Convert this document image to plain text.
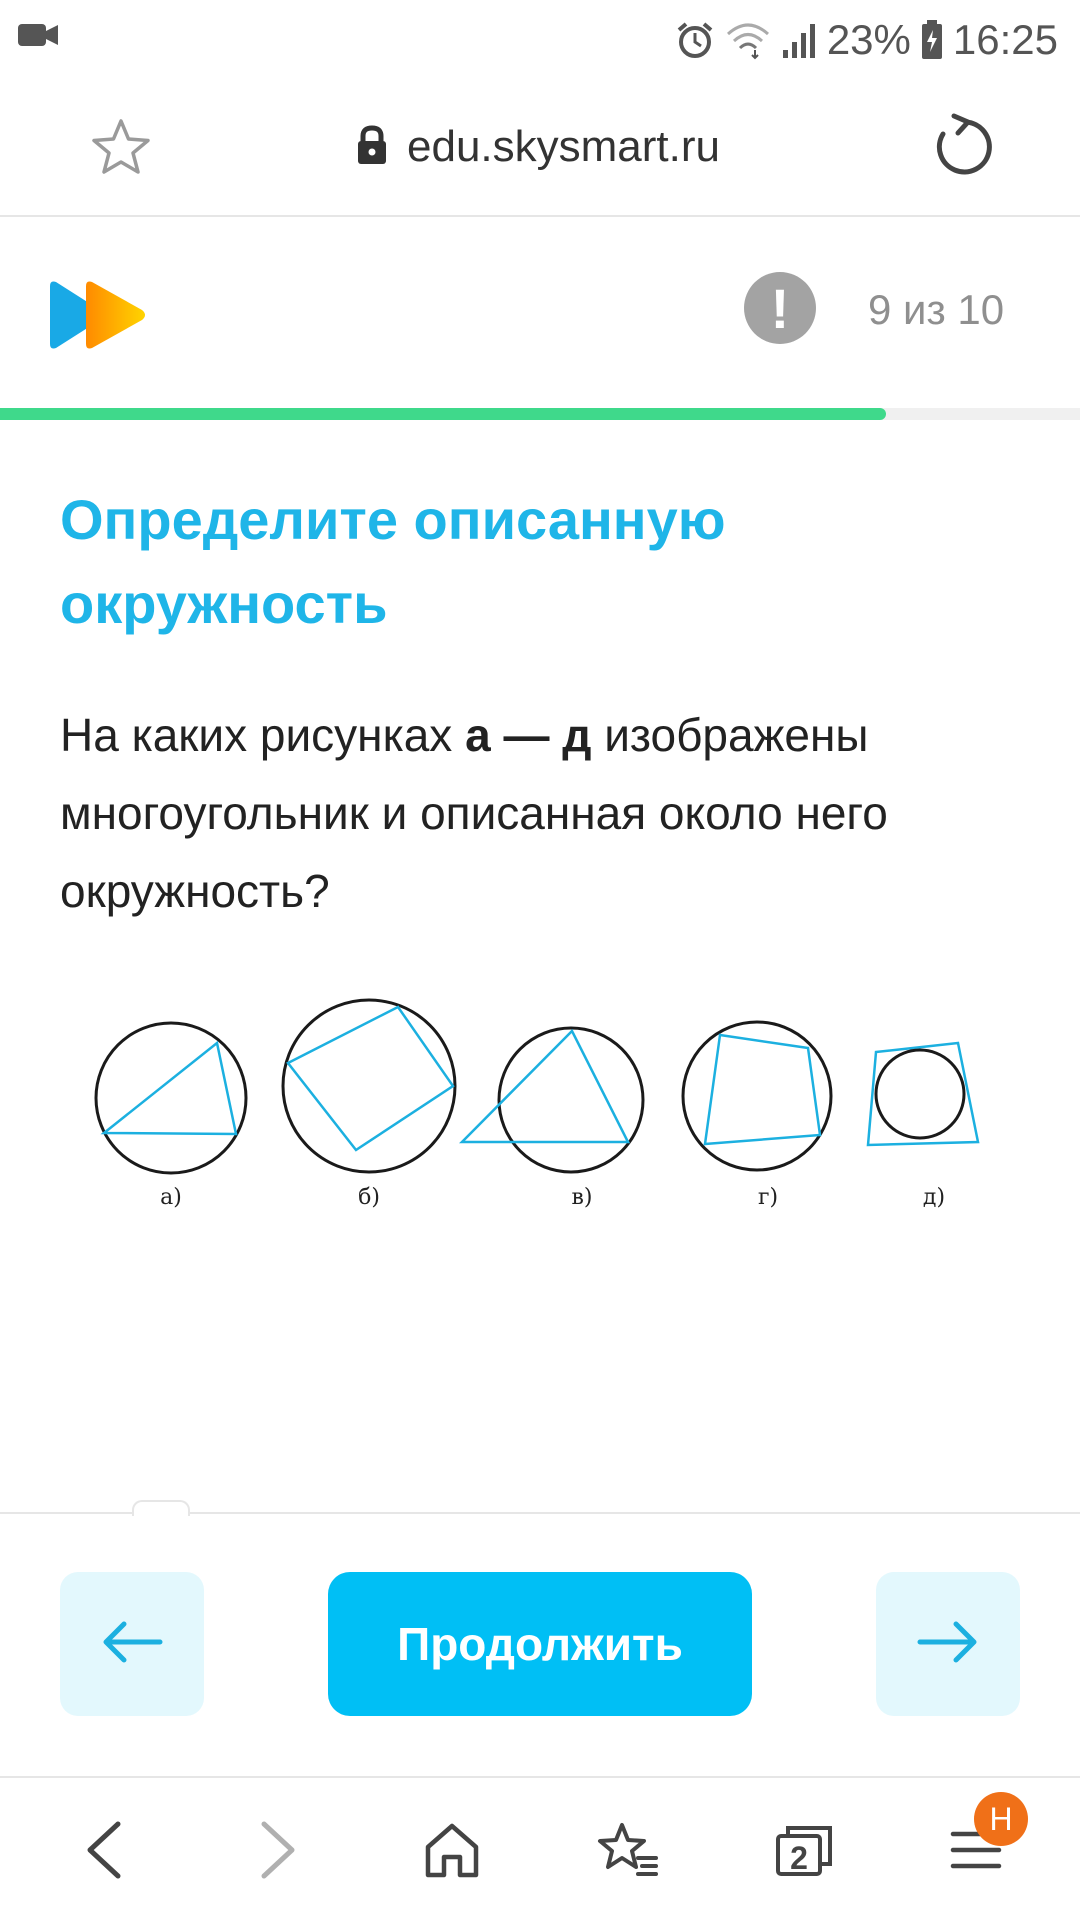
23% 16:25
edu.skysmart.ru
!	9 из 10
Определите описанную окружность

На каких рисунках а — д изображены многоугольник и описанная около него окружность?

а)	б)	в)	г)	д)
Продолжить
2
Н
